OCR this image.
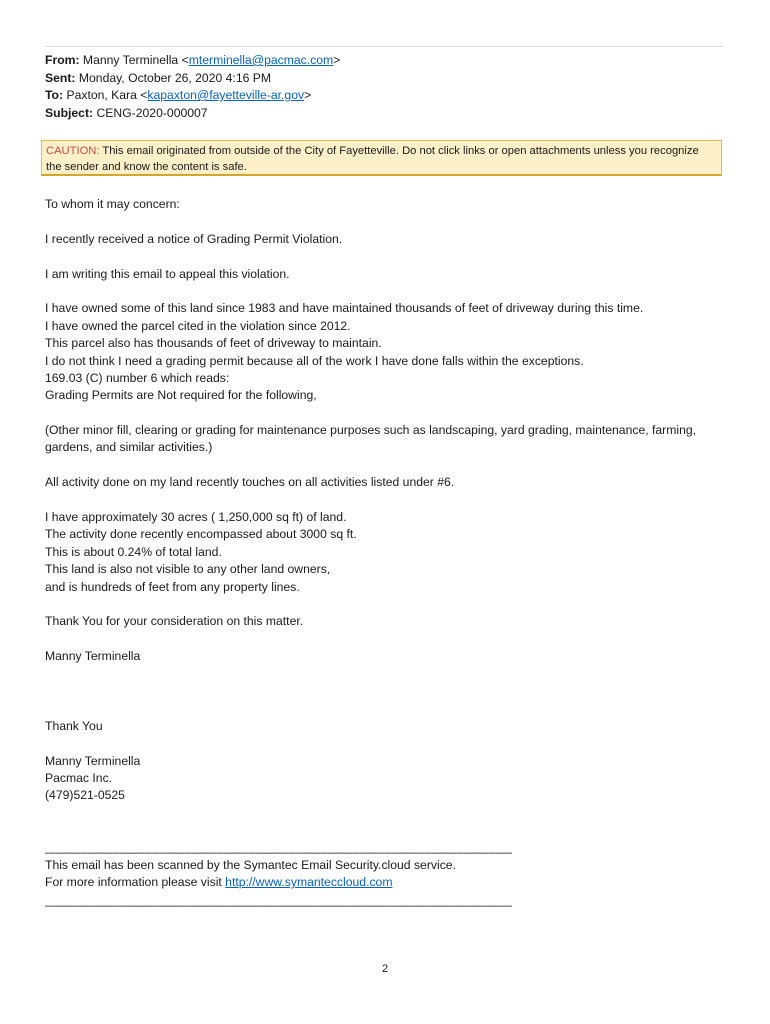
From: Manny Terminella <mterminella@pacmac.com>
Sent: Monday, October 26, 2020 4:16 PM
To: Paxton, Kara <kapaxton@fayetteville-ar.gov>
Subject: CENG-2020-000007
CAUTION: This email originated from outside of the City of Fayetteville. Do not click links or open attachments unless you recognize
the sender and know the content is safe.
To whom it may concern:
I recently received a notice of Grading Permit Violation.
I am writing this email to appeal this violation.
I have owned some of this land since 1983 and have maintained thousands of feet of driveway during this time.
I have owned the parcel cited in the violation since 2012.
This parcel also has thousands of feet of driveway to maintain.
I do not think I need a grading permit because all of the work I have done falls within the exceptions.
169.03 (C) number 6 which reads:
Grading Permits are Not required for the following,
(Other minor fill, clearing or grading for maintenance purposes such as landscaping, yard grading, maintenance, farming,
gardens, and similar activities.)
All activity done on my land recently touches on all activities listed under #6.
I have approximately 30 acres ( 1,250,000 sq ft) of land.
The activity done recently encompassed about 3000 sq ft.
This is about 0.24% of total land.
This land is also not visible to any other land owners,
and is hundreds of feet from any property lines.
Thank You for your consideration on this matter.
Manny Terminella
Thank You
Manny Terminella
Pacmac Inc.
(479)521-0525
________________________________________________________________________
This email has been scanned by the Symantec Email Security.cloud service.
For more information please visit http://www.symanteccloud.com
________________________________________________________________________
2
